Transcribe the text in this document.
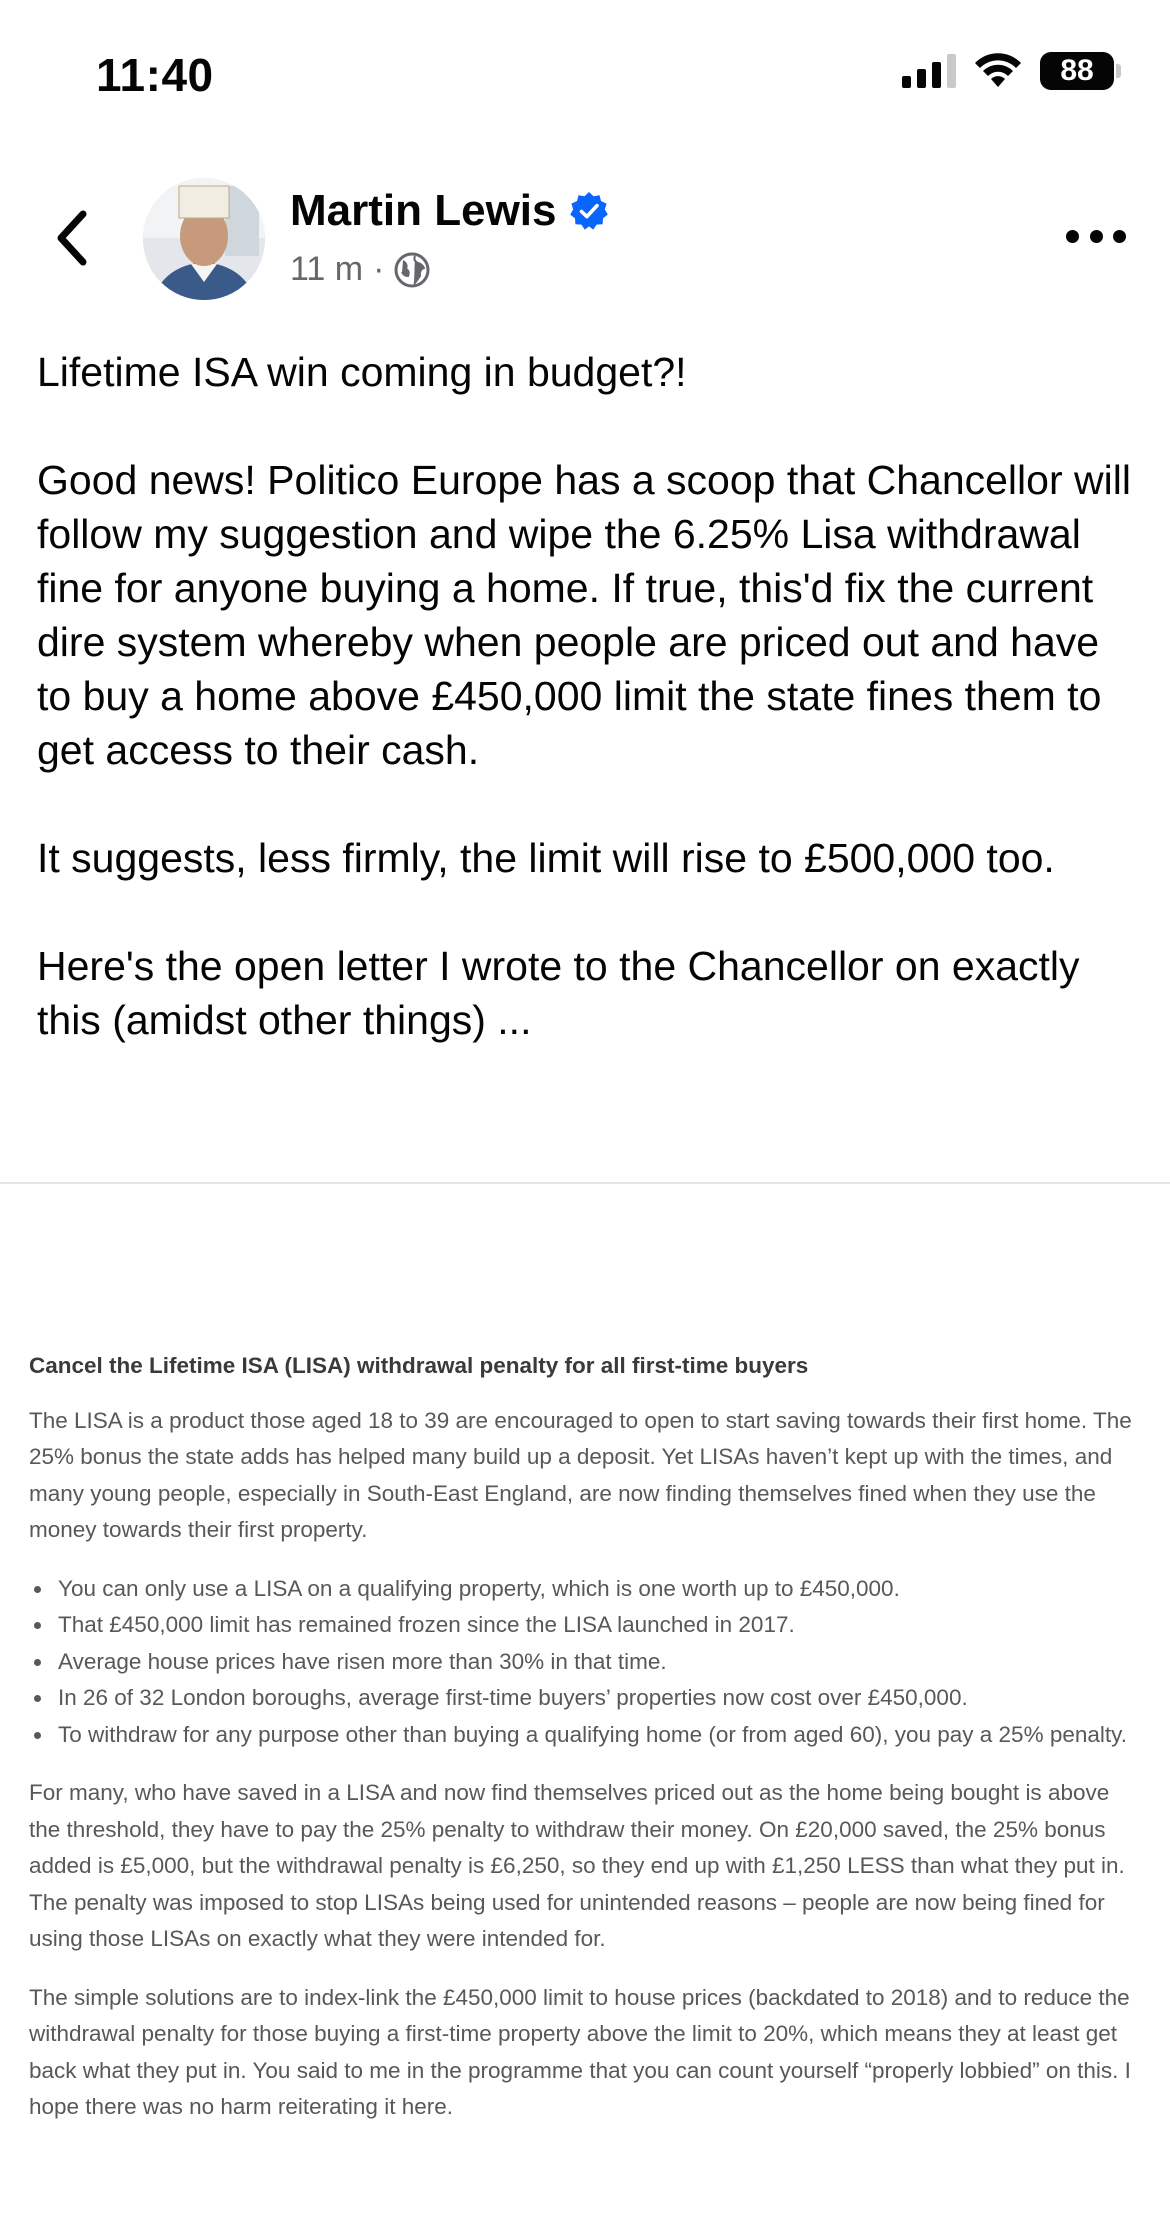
11:40	88
Martin Lewis
11 m ·

Lifetime ISA win coming in budget?!

Good news! Politico Europe has a scoop that Chancellor will follow my suggestion and wipe the 6.25% Lisa withdrawal fine for anyone buying a home. If true, this'd fix the current dire system whereby when people are priced out and have to buy a home above £450,000 limit the state fines them to get access to their cash.

It suggests, less firmly, the limit will rise to £500,000 too.

Here's the open letter I wrote to the Chancellor on exactly this (amidst other things) ...

Cancel the Lifetime ISA (LISA) withdrawal penalty for all first-time buyers

The LISA is a product those aged 18 to 39 are encouraged to open to start saving towards their first home. The 25% bonus the state adds has helped many build up a deposit. Yet LISAs haven’t kept up with the times, and many young people, especially in South-East England, are now finding themselves fined when they use the money towards their first property.

You can only use a LISA on a qualifying property, which is one worth up to £450,000.
That £450,000 limit has remained frozen since the LISA launched in 2017.
Average house prices have risen more than 30% in that time.
In 26 of 32 London boroughs, average first-time buyers’ properties now cost over £450,000.
To withdraw for any purpose other than buying a qualifying home (or from aged 60), you pay a 25% penalty.

For many, who have saved in a LISA and now find themselves priced out as the home being bought is above the threshold, they have to pay the 25% penalty to withdraw their money. On £20,000 saved, the 25% bonus added is £5,000, but the withdrawal penalty is £6,250, so they end up with £1,250 LESS than what they put in. The penalty was imposed to stop LISAs being used for unintended reasons – people are now being fined for using those LISAs on exactly what they were intended for.

The simple solutions are to index-link the £450,000 limit to house prices (backdated to 2018) and to reduce the withdrawal penalty for those buying a first-time property above the limit to 20%, which means they at least get back what they put in. You said to me in the programme that you can count yourself “properly lobbied” on this. I hope there was no harm reiterating it here.
